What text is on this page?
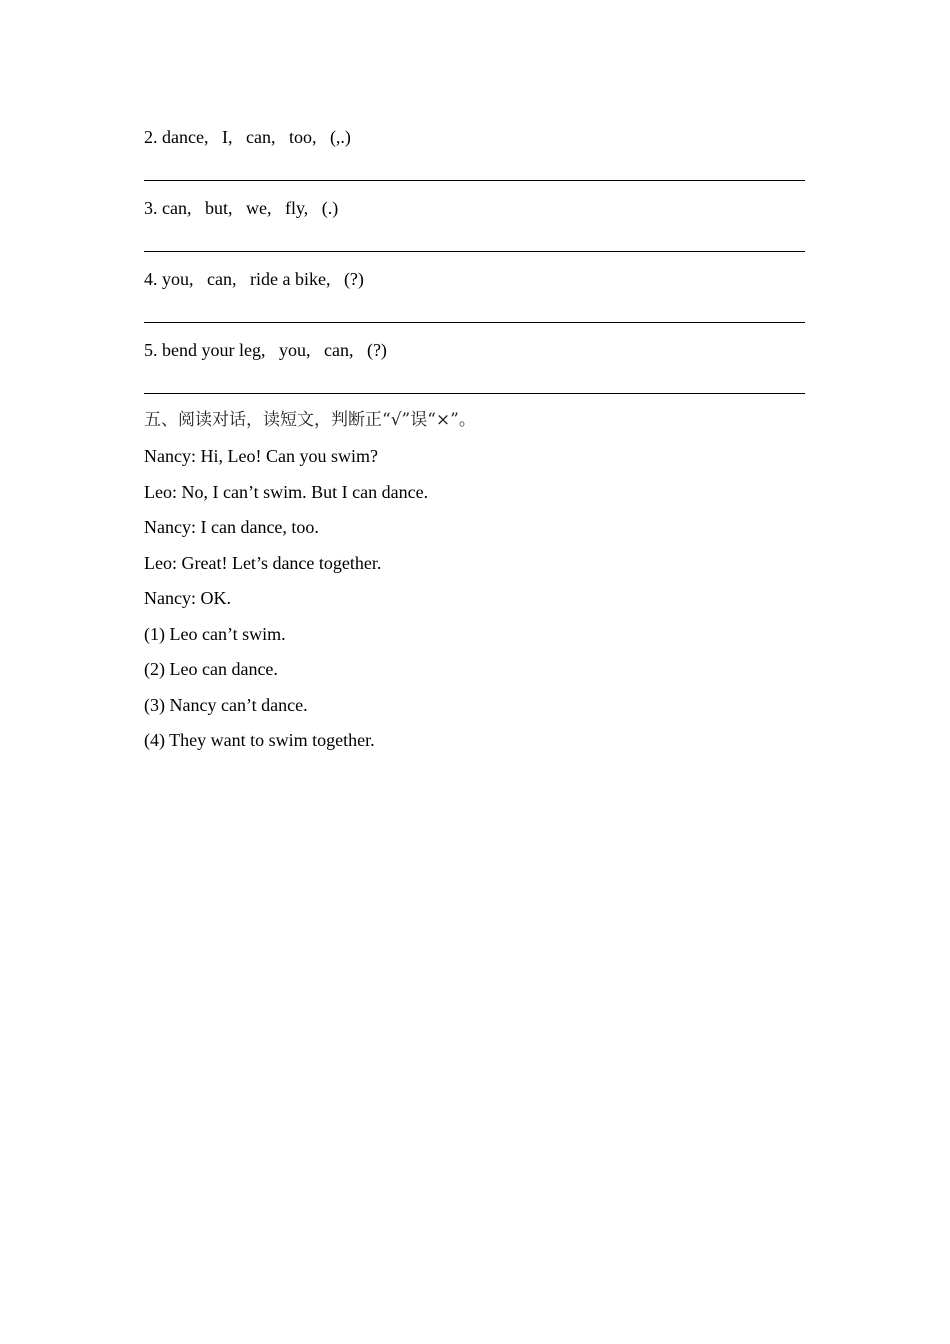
2. dance,   I,   can,   too,   (,.)
3. can,   but,   we,   fly,   (.)
4. you,   can,   ride a bike,   (?)
5. bend your leg,   you,   can,   (?)
五、阅读对话，读短文，判断正“√”误“×”。
Nancy: Hi, Leo! Can you swim?
Leo: No, I can’t swim. But I can dance.
Nancy: I can dance, too.
Leo: Great! Let’s dance together.
Nancy: OK.
(1) Leo can’t swim.
(2) Leo can dance.
(3) Nancy can’t dance.
(4) They want to swim together.
